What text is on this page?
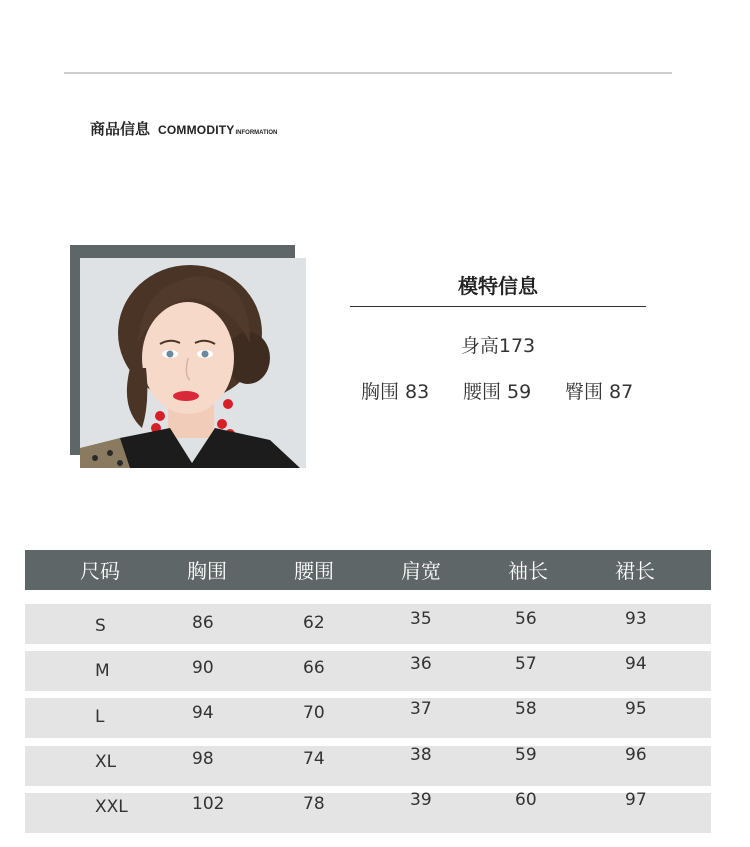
商品信息 COMMODITY INFORMATION
模特信息
身高173
胸围 83 腰围 59 臀围 87
尺码	胸围	腰围	肩宽	袖长	裙长
S	86	62	35	56	93
M	90	66	36	57	94
L	94	70	37	58	95
XL	98	74	38	59	96
XXL	102	78	39	60	97
